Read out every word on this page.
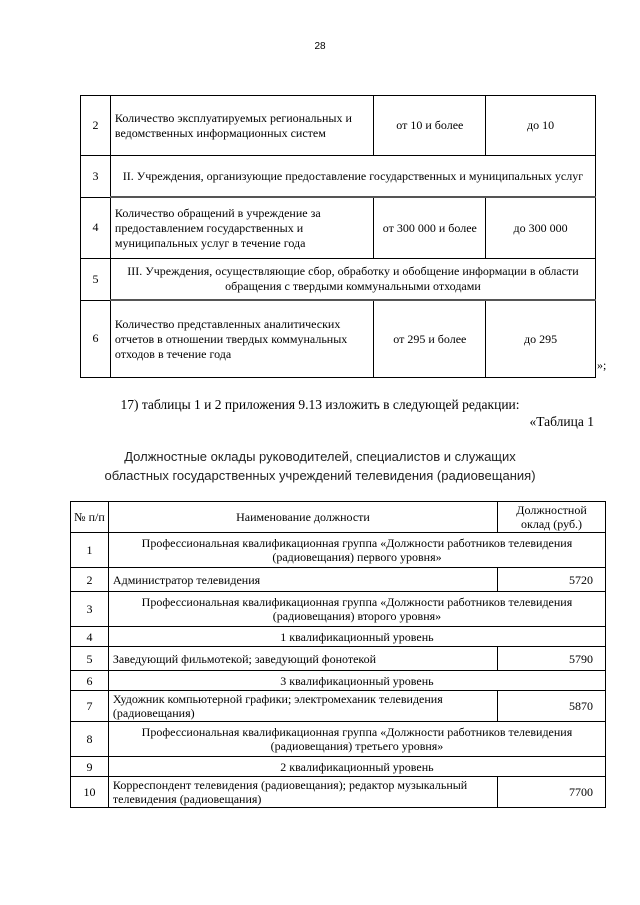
28
2	Количество эксплуатируемых региональных и ведомственных информационных систем	от 10 и более	до 10
3	II. Учреждения, организующие предоставление государственных и муниципальных услуг		
4	Количество обращений в учреждение за предоставлением государственных и муниципальных услуг в течение года	от 300 000 и более	до 300 000
5	III. Учреждения, осуществляющие сбор, обработку и обобщение информации в области обращения с твердыми коммунальными отходами		
6	Количество представленных аналитических отчетов в отношении твердых коммунальных отходов в течение года	от 295 и более	до 295
»;
17) таблицы 1 и 2 приложения 9.13 изложить в следующей редакции:
«Таблица 1
Должностные оклады руководителей, специалистов и служащих
областных государственных учреждений телевидения (радиовещания)
№ п/п	Наименование должности	Должностной оклад (руб.)
1	Профессиональная квалификационная группа «Должности работников телевидения (радиовещания) первого уровня»	
2	Администратор телевидения	5720
3	Профессиональная квалификационная группа «Должности работников телевидения (радиовещания) второго уровня»	
4	1 квалификационный уровень	
5	Заведующий фильмотекой; заведующий фонотекой	5790
6	3 квалификационный уровень	
7	Художник компьютерной графики; электромеханик телевидения (радиовещания)	5870
8	Профессиональная квалификационная группа «Должности работников телевидения (радиовещания) третьего уровня»	
9	2 квалификационный уровень	
10	Корреспондент телевидения (радиовещания); редактор музыкальный телевидения (радиовещания)	7700
